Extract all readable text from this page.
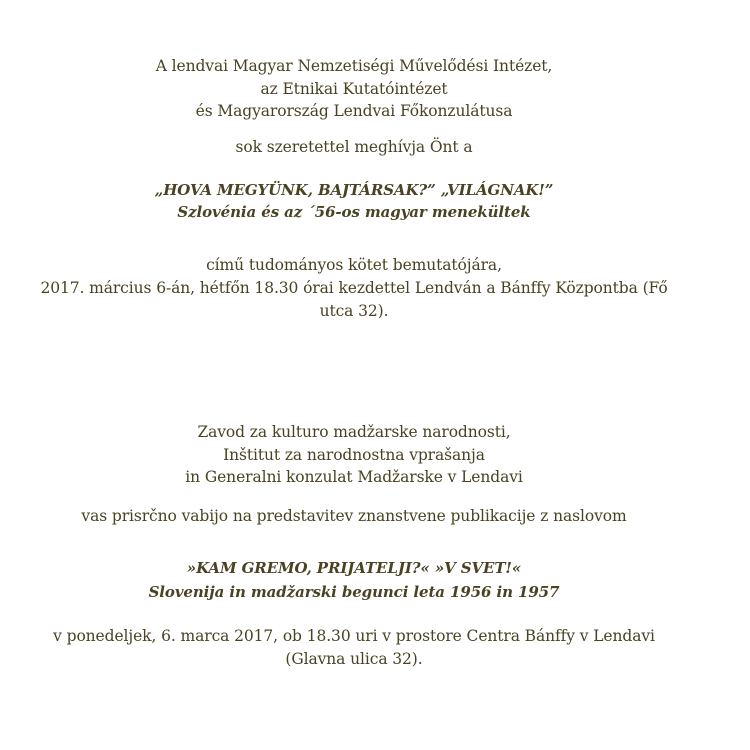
A lendvai Magyar Nemzetiségi Művelődési Intézet,
az Etnikai Kutatóintézet
és Magyarország Lendvai Főkonzulátusa
sok szeretettel meghívja Önt a
„HOVA MEGYÜNK, BAJTÁRSAK?” „VILÁGNAK!”
Szlovénia és az ´56-os magyar menekültek
című tudományos kötet bemutatójára,
2017. március 6-án, hétfőn 18.30 órai kezdettel Lendván a Bánffy Központba (Fő
utca 32).
Zavod za kulturo madžarske narodnosti,
Inštitut za narodnostna vprašanja
in Generalni konzulat Madžarske v Lendavi
vas prisrčno vabijo na predstavitev znanstvene publikacije z naslovom
»KAM GREMO, PRIJATELJI?« »V SVET!«
Slovenija in madžarski begunci leta 1956 in 1957
v ponedeljek, 6. marca 2017, ob 18.30 uri v prostore Centra Bánffy v Lendavi
(Glavna ulica 32).
